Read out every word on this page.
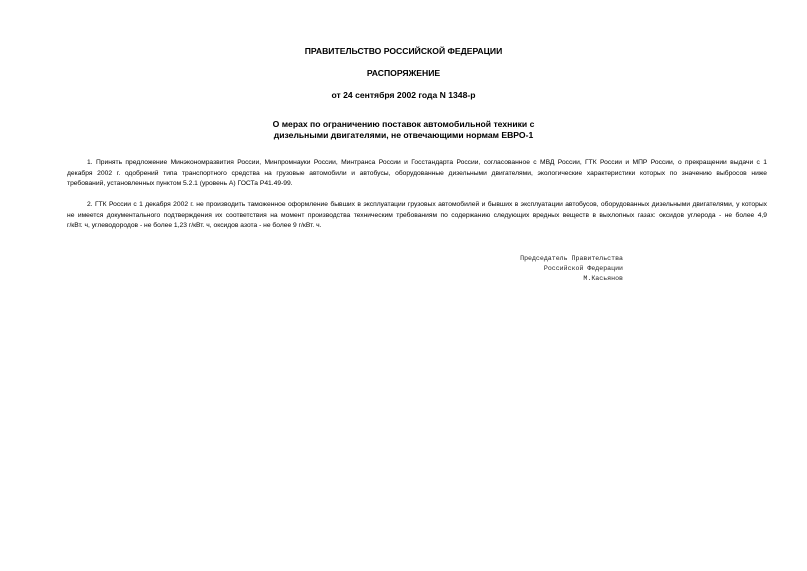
ПРАВИТЕЛЬСТВО РОССИЙСКОЙ ФЕДЕРАЦИИ
РАСПОРЯЖЕНИЕ
от 24 сентября 2002 года N 1348-р
О мерах по ограничению поставок автомобильной техники с
дизельными двигателями, не отвечающими нормам ЕВРО-1
1. Принять предложение Минэкономразвития России, Минпромнауки России, Минтранса России и Госстандарта России, согласованное с МВД России, ГТК России и МПР России, о прекращении выдачи с 1
декабря 2002 г. одобрений типа транспортного средства на грузовые автомобили и автобусы, оборудованные дизельными двигателями, экологические характеристики которых по значению выбросов ниже
требований, установленных пунктом 5.2.1 (уровень А) ГОСТа Р41.49-99.
2. ГТК России с 1 декабря 2002 г. не производить таможенное оформление бывших в эксплуатации грузовых автомобилей и бывших в эксплуатации автобусов, оборудованных дизельными двигателями, у которых
не имеется документального подтверждения их соответствия на момент производства техническим требованиям по содержанию следующих вредных веществ в выхлопных газах: оксидов углерода - не более 4,9
г/кВт. ч, углеводородов - не более 1,23 г/кВт. ч, оксидов азота - не более 9 г/кВт. ч.
Председатель Правительства
Российской Федерации
М.Касьянов
